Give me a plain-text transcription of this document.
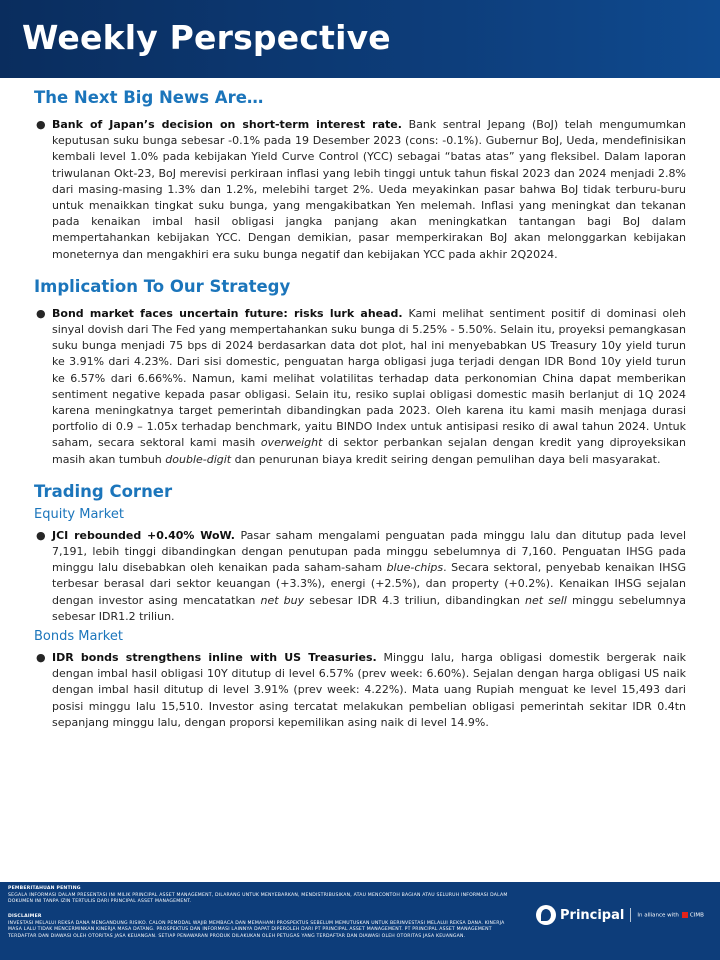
Weekly Perspective
The Next Big News Are…
● Bank of Japan’s decision on short-term interest rate. Bank sentral Jepang (BoJ) telah mengumumkan keputusan suku bunga sebesar -0.1% pada 19 Desember 2023 (cons: -0.1%). Gubernur BoJ, Ueda, mendefinisikan kembali level 1.0% pada kebijakan Yield Curve Control (YCC) sebagai “batas atas” yang fleksibel. Dalam laporan triwulanan Okt-23, BoJ merevisi perkiraan inflasi yang lebih tinggi untuk tahun fiskal 2023 dan 2024 menjadi 2.8% dari masing-masing 1.3% dan 1.2%, melebihi target 2%. Ueda meyakinkan pasar bahwa BoJ tidak terburu-buru untuk menaikkan tingkat suku bunga, yang mengakibatkan Yen melemah. Inflasi yang meningkat dan tekanan pada kenaikan imbal hasil obligasi jangka panjang akan meningkatkan tantangan bagi BoJ dalam mempertahankan kebijakan YCC. Dengan demikian, pasar memperkirakan BoJ akan melonggarkan kebijakan moneternya dan mengakhiri era suku bunga negatif dan kebijakan YCC pada akhir 2Q2024.
Implication To Our Strategy
● Bond market faces uncertain future: risks lurk ahead. Kami melihat sentiment positif di dominasi oleh sinyal dovish dari The Fed yang mempertahankan suku bunga di 5.25% - 5.50%. Selain itu, proyeksi pemangkasan suku bunga menjadi 75 bps di 2024 berdasarkan data dot plot, hal ini menyebabkan US Treasury 10y yield turun ke 3.91% dari 4.23%. Dari sisi domestic, penguatan harga obligasi juga terjadi dengan IDR Bond 10y yield turun ke 6.57% dari 6.66%%. Namun, kami melihat volatilitas terhadap data perkonomian China dapat memberikan sentiment negative kepada pasar obligasi. Selain itu, resiko suplai obligasi domestic masih berlanjut di 1Q 2024 karena meningkatnya target pemerintah dibandingkan pada 2023. Oleh karena itu kami masih menjaga durasi portfolio di 0.9 – 1.05x terhadap benchmark, yaitu BINDO Index untuk antisipasi resiko di awal tahun 2024. Untuk saham, secara sektoral kami masih overweight di sektor perbankan sejalan dengan kredit yang diproyeksikan masih akan tumbuh double-digit dan penurunan biaya kredit seiring dengan pemulihan daya beli masyarakat.
Trading Corner
Equity Market
● JCI rebounded +0.40% WoW. Pasar saham mengalami penguatan pada minggu lalu dan ditutup pada level 7,191, lebih tinggi dibandingkan dengan penutupan pada minggu sebelumnya di 7,160. Penguatan IHSG pada minggu lalu disebabkan oleh kenaikan pada saham-saham blue-chips. Secara sektoral, penyebab kenaikan IHSG terbesar berasal dari sektor keuangan (+3.3%), energi (+2.5%), dan property (+0.2%). Kenaikan IHSG sejalan dengan investor asing mencatatkan net buy sebesar IDR 4.3 triliun, dibandingkan net sell minggu sebelumnya sebesar IDR1.2 triliun.
Bonds Market
● IDR bonds strengthens inline with US Treasuries. Minggu lalu, harga obligasi domestik bergerak naik dengan imbal hasil obligasi 10Y ditutup di level 6.57% (prev week: 6.60%). Sejalan dengan harga obligasi US naik dengan imbal hasil ditutup di level 3.91% (prev week: 4.22%). Mata uang Rupiah menguat ke level 15,493 dari posisi minggu lalu 15,510. Investor asing tercatat melakukan pembelian obligasi pemerintah sekitar IDR 0.4tn sepanjang minggu lalu, dengan proporsi kepemilikan asing naik di level 14.9%.
PEMBERITAHUAN PENTING
SEGALA INFORMASI DALAM PRESENTASI INI MILIK PRINCIPAL ASSET MANAGEMENT, DILARANG UNTUK MENYEBARKAN, MENDISTRIBUSIKAN, ATAU MENCONTOH BAGIAN ATAU SELURUH INFORMASI DALAM DOKUMEN INI TANPA IZIN TERTULIS DARI PRINCIPAL ASSET MANAGEMENT.
DISCLAIMER
INVESTASI MELALUI REKSA DANA MENGANDUNG RISIKO. CALON PEMODAL WAJIB MEMBACA DAN MEMAHAMI PROSPEKTUS SEBELUM MEMUTUSKAN UNTUK BERINVESTASI MELALUI REKSA DANA. KINERJA MASA LALU TIDAK MENCERMINKAN KINERJA MASA DATANG. PROSPEKTUS DAN INFORMASI LAINNYA DAPAT DIPEROLEH DARI PT PRINCIPAL ASSET MANAGEMENT. PT PRINCIPAL ASSET MANAGEMENT TERDAFTAR DAN DIAWASI OLEH OTORITAS JASA KEUANGAN. SETIAP PENAWARAN PRODUK DILAKUKAN OLEH PETUGAS YANG TERDAFTAR DAN DIAWASI OLEH OTORITAS JASA KEUANGAN.
Principal In alliance with CIMB
